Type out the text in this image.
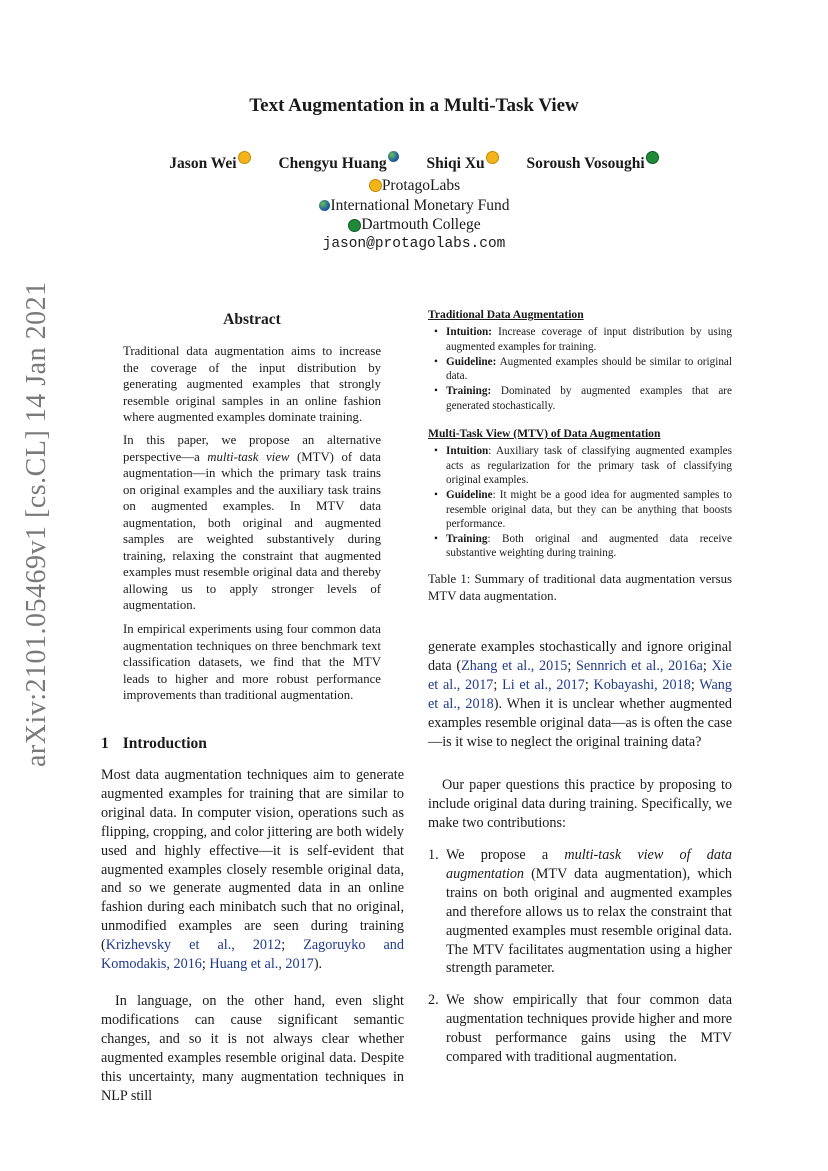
arXiv:2101.05469v1 [cs.CL] 14 Jan 2021
Text Augmentation in a Multi-Task View
Jason Wei	Chengyu Huang	Shiqi Xu	Soroush Vosoughi
ProtagoLabs
International Monetary Fund
Dartmouth College
jason@protagolabs.com
Abstract
Traditional data augmentation aims to increase the coverage of the input distribution by generating augmented examples that strongly resemble original samples in an online fashion where augmented examples dominate training.
In this paper, we propose an alternative perspective—a multi-task view (MTV) of data augmentation—in which the primary task trains on original examples and the auxiliary task trains on augmented examples. In MTV data augmentation, both original and augmented samples are weighted substantively during training, relaxing the constraint that augmented examples must resemble original data and thereby allowing us to apply stronger levels of augmentation.
In empirical experiments using four common data augmentation techniques on three benchmark text classification datasets, we find that the MTV leads to higher and more robust performance improvements than traditional augmentation.
1 Introduction
Most data augmentation techniques aim to generate augmented examples for training that are similar to original data. In computer vision, operations such as flipping, cropping, and color jittering are both widely used and highly effective—it is self-evident that augmented examples closely resemble original data, and so we generate augmented data in an online fashion during each minibatch such that no original, unmodified examples are seen during training (Krizhevsky et al., 2012; Zagoruyko and Komodakis, 2016; Huang et al., 2017).
In language, on the other hand, even slight modifications can cause significant semantic changes, and so it is not always clear whether augmented examples resemble original data. Despite this uncertainty, many augmentation techniques in NLP still
Traditional Data Augmentation
• Intuition: Increase coverage of input distribution by using augmented examples for training.
• Guideline: Augmented examples should be similar to original data.
• Training: Dominated by augmented examples that are generated stochastically.
Multi-Task View (MTV) of Data Augmentation
• Intuition: Auxiliary task of classifying augmented examples acts as regularization for the primary task of classifying original examples.
• Guideline: It might be a good idea for augmented samples to resemble original data, but they can be anything that boosts performance.
• Training: Both original and augmented data receive substantive weighting during training.
Table 1: Summary of traditional data augmentation versus MTV data augmentation.
generate examples stochastically and ignore original data (Zhang et al., 2015; Sennrich et al., 2016a; Xie et al., 2017; Li et al., 2017; Kobayashi, 2018; Wang et al., 2018). When it is unclear whether augmented examples resemble original data—as is often the case—is it wise to neglect the original training data?
Our paper questions this practice by proposing to include original data during training. Specifically, we make two contributions:
1. We propose a multi-task view of data augmentation (MTV data augmentation), which trains on both original and augmented examples and therefore allows us to relax the constraint that augmented examples must resemble original data. The MTV facilitates augmentation using a higher strength parameter.
2. We show empirically that four common data augmentation techniques provide higher and more robust performance gains using the MTV compared with traditional augmentation.
